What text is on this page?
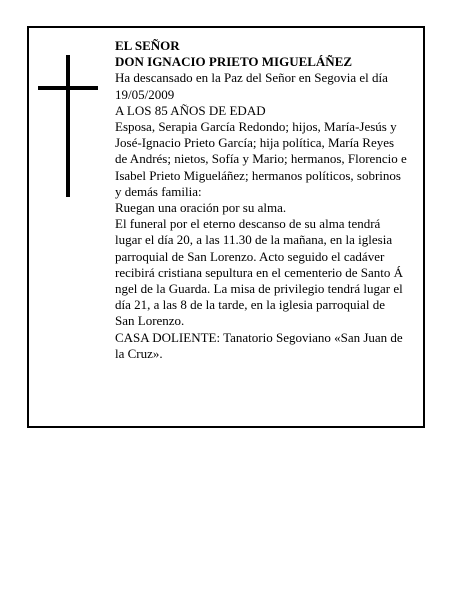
EL SEÑOR

DON IGNACIO PRIETO MIGUELÁÑEZ

Ha descansado en la Paz del Señor en Segovia el día

19/05/2009

A LOS 85 AÑOS DE EDAD

Esposa, Serapia García Redondo; hijos, María-Jesús y

José-Ignacio Prieto García; hija política, María Reyes

de Andrés; nietos, Sofía y Mario; hermanos, Florencio e

Isabel Prieto Migueláñez; hermanos políticos, sobrinos

y demás familia:

Ruegan una oración por su alma.

El funeral por el eterno descanso de su alma tendrá

lugar el día 20, a las 11.30 de la mañana, en la iglesia

parroquial de San Lorenzo. Acto seguido el cadáver

recibirá cristiana sepultura en el cementerio de Santo Á

ngel de la Guarda. La misa de privilegio tendrá lugar el

día 21, a las 8 de la tarde, en la iglesia parroquial de

San Lorenzo.

CASA DOLIENTE: Tanatorio Segoviano «San Juan de

la Cruz».
